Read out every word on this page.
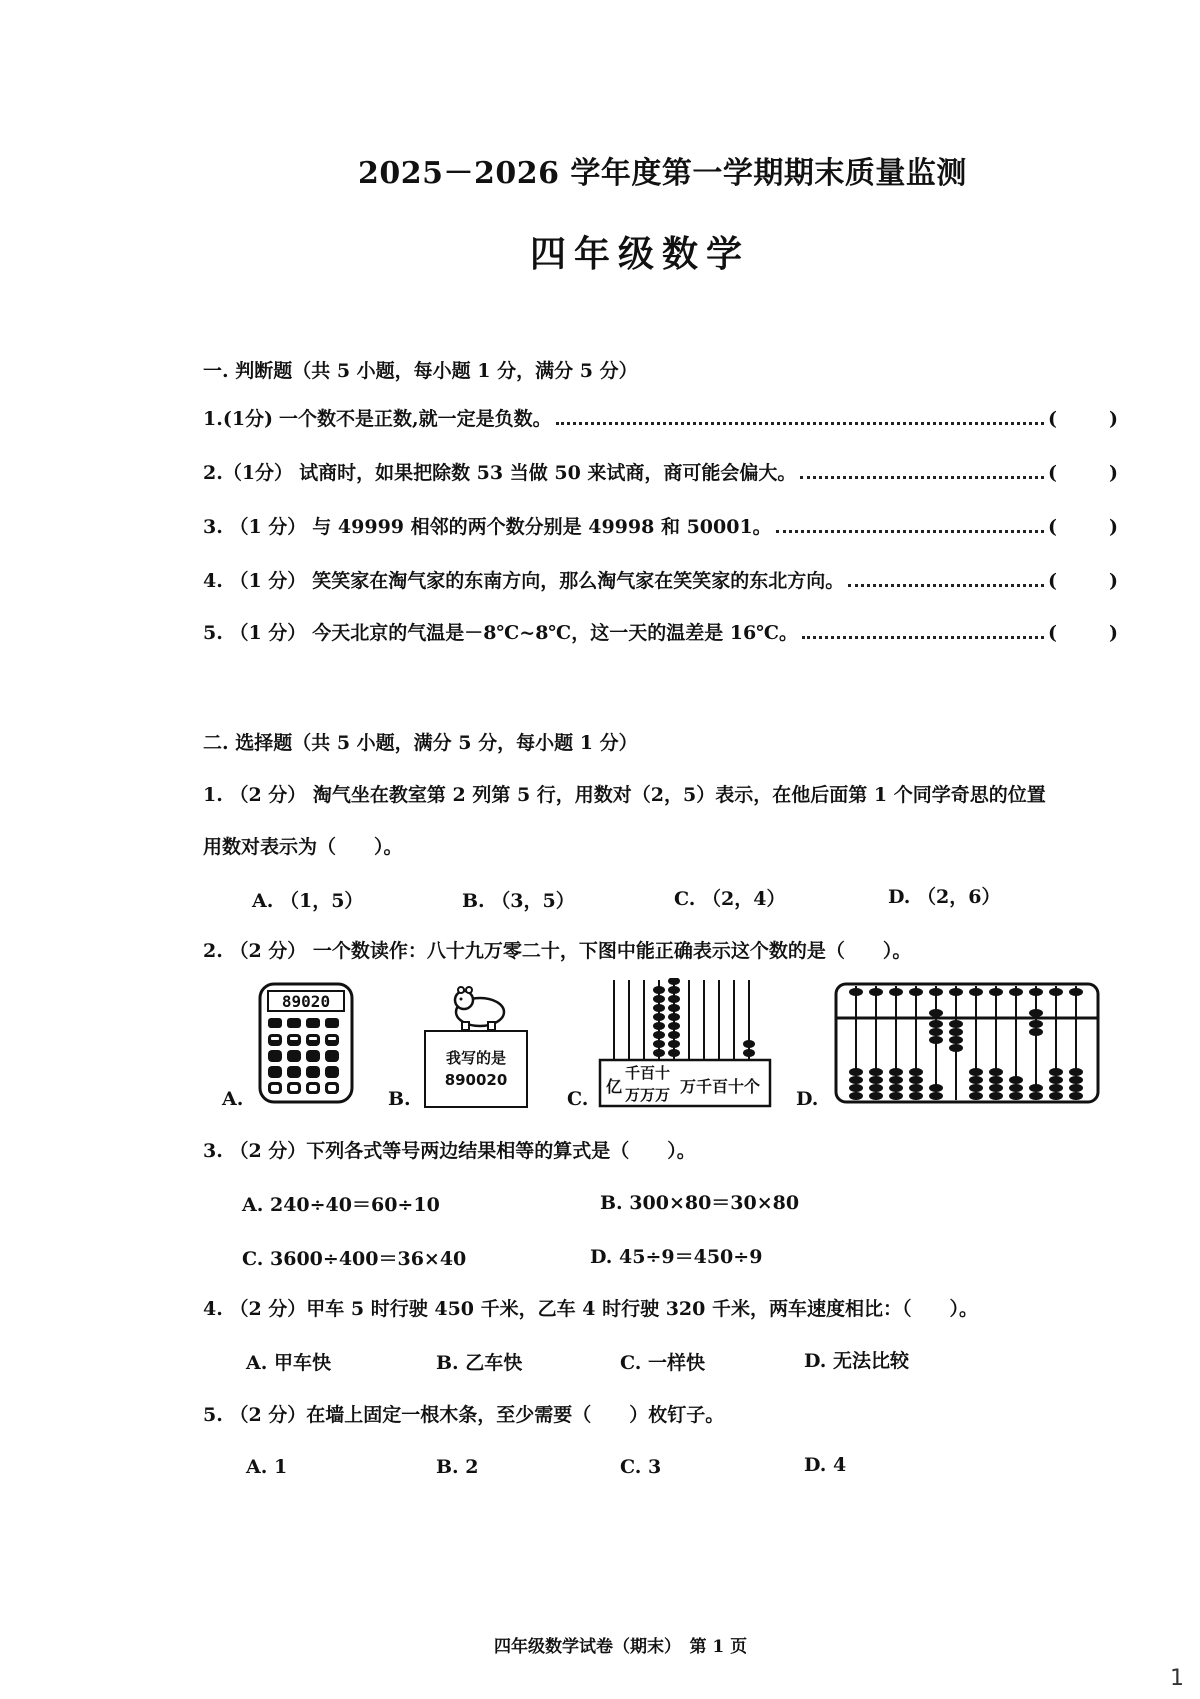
2025－2026 学年度第一学期期末质量监测
四年级数学
一. 判断题（共 5 小题，每小题 1 分，满分 5 分）
1.(1分) 一个数不是正数,就一定是负数。	(	)
2.（1分） 试商时，如果把除数 53 当做 50 来试商，商可能会偏大。	(	)
3. （1 分） 与 49999 相邻的两个数分别是 49998 和 50001。	(	)
4. （1 分） 笑笑家在淘气家的东南方向，那么淘气家在笑笑家的东北方向。	(	)
5. （1 分） 今天北京的气温是－8℃~8℃，这一天的温差是 16℃。	(	)
二. 选择题（共 5 小题，满分 5 分，每小题 1 分）
1. （2 分） 淘气坐在教室第 2 列第 5 行，用数对（2，5）表示，在他后面第 1 个同学奇思的位置
用数对表示为（　　）。
A. （1，5）	B. （3，5）	C. （2，4）	D. （2，6）
2. （2 分） 一个数读作：八十九万零二十，下图中能正确表示这个数的是（　　）。
A.
89020
B.
我写的是
890020
C.
亿
千百十
万万万 万千百十个
D.
3. （2 分）下列各式等号两边结果相等的算式是（　　）。
A. 240÷40＝60÷10	B. 300×80＝30×80
C. 3600÷400＝36×40	D. 45÷9＝450÷9
4. （2 分）甲车 5 时行驶 450 千米，乙车 4 时行驶 320 千米，两车速度相比：（　　）。
A. 甲车快	B. 乙车快	C. 一样快	D. 无法比较
5. （2 分）在墙上固定一根木条，至少需要（　　）枚钉子。
A. 1	B. 2	C. 3	D. 4
四年级数学试卷（期末）　第 1 页
1
